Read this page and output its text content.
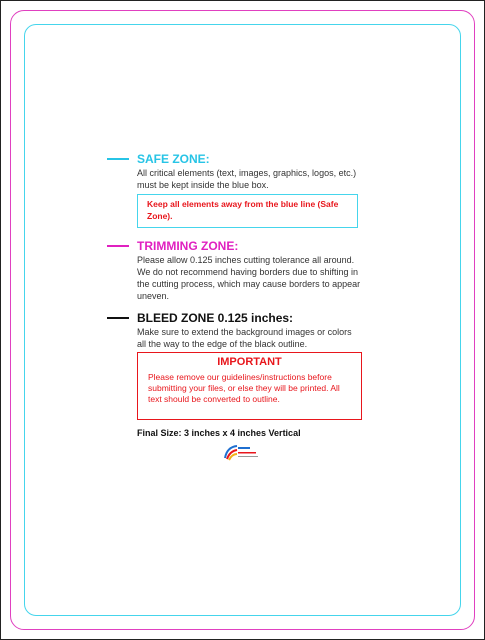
SAFE ZONE:

All critical elements (text, images, graphics, logos, etc.) must be kept inside the blue box.

Keep all elements away from the blue line (Safe Zone).
TRIMMING ZONE:

Please allow 0.125 inches cutting tolerance all around. We do not recommend having borders due to shifting in the cutting process, which may cause borders to appear uneven.

BLEED ZONE 0.125 inches:

Make sure to extend the background images or colors all the way to the edge of the black outline.

IMPORTANT
Please remove our guidelines/instructions before submitting your files, or else they will be printed. All text should be converted to outline.
Final Size: 3 inches x 4 inches Vertical
